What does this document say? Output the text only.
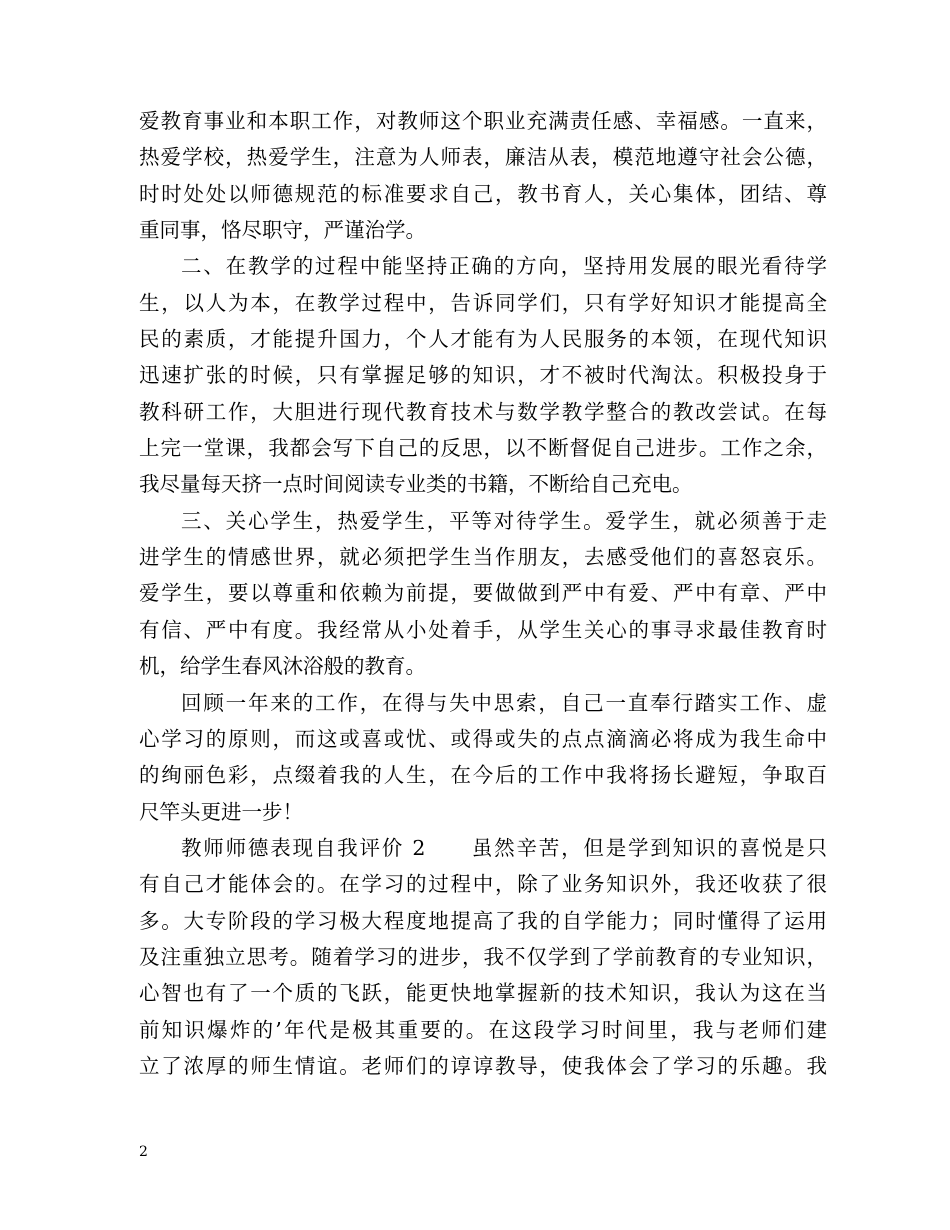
爱教育事业和本职工作，对教师这个职业充满责任感、幸福感。一直来，
热爱学校，热爱学生，注意为人师表，廉洁从表，模范地遵守社会公德，
时时处处以师德规范的标准要求自己，教书育人，关心集体，团结、尊
重同事，恪尽职守，严谨治学。
二、在教学的过程中能坚持正确的方向，坚持用发展的眼光看待学
生，以人为本，在教学过程中，告诉同学们，只有学好知识才能提高全
民的素质，才能提升国力，个人才能有为人民服务的本领，在现代知识
迅速扩张的时候，只有掌握足够的知识，才不被时代淘汰。积极投身于
教科研工作，大胆进行现代教育技术与数学教学整合的教改尝试。在每
上完一堂课，我都会写下自己的反思，以不断督促自己进步。工作之余，
我尽量每天挤一点时间阅读专业类的书籍，不断给自己充电。
三、关心学生，热爱学生，平等对待学生。爱学生，就必须善于走
进学生的情感世界，就必须把学生当作朋友，去感受他们的喜怒哀乐。
爱学生，要以尊重和依赖为前提，要做做到严中有爱、严中有章、严中
有信、严中有度。我经常从小处着手，从学生关心的事寻求最佳教育时
机，给学生春风沐浴般的教育。
回顾一年来的工作，在得与失中思索，自己一直奉行踏实工作、虚
心学习的原则，而这或喜或忧、或得或失的点点滴滴必将成为我生命中
的绚丽色彩，点缀着我的人生，在今后的工作中我将扬长避短，争取百
尺竿头更进一步！
教师师德表现自我评价 2　　虽然辛苦，但是学到知识的喜悦是只
有自己才能体会的。在学习的过程中，除了业务知识外，我还收获了很
多。大专阶段的学习极大程度地提高了我的自学能力；同时懂得了运用
及注重独立思考。随着学习的进步，我不仅学到了学前教育的专业知识，
心智也有了一个质的飞跃，能更快地掌握新的技术知识，我认为这在当
前知识爆炸的’年代是极其重要的。在这段学习时间里，我与老师们建
立了浓厚的师生情谊。老师们的谆谆教导，使我体会了学习的乐趣。我
2
